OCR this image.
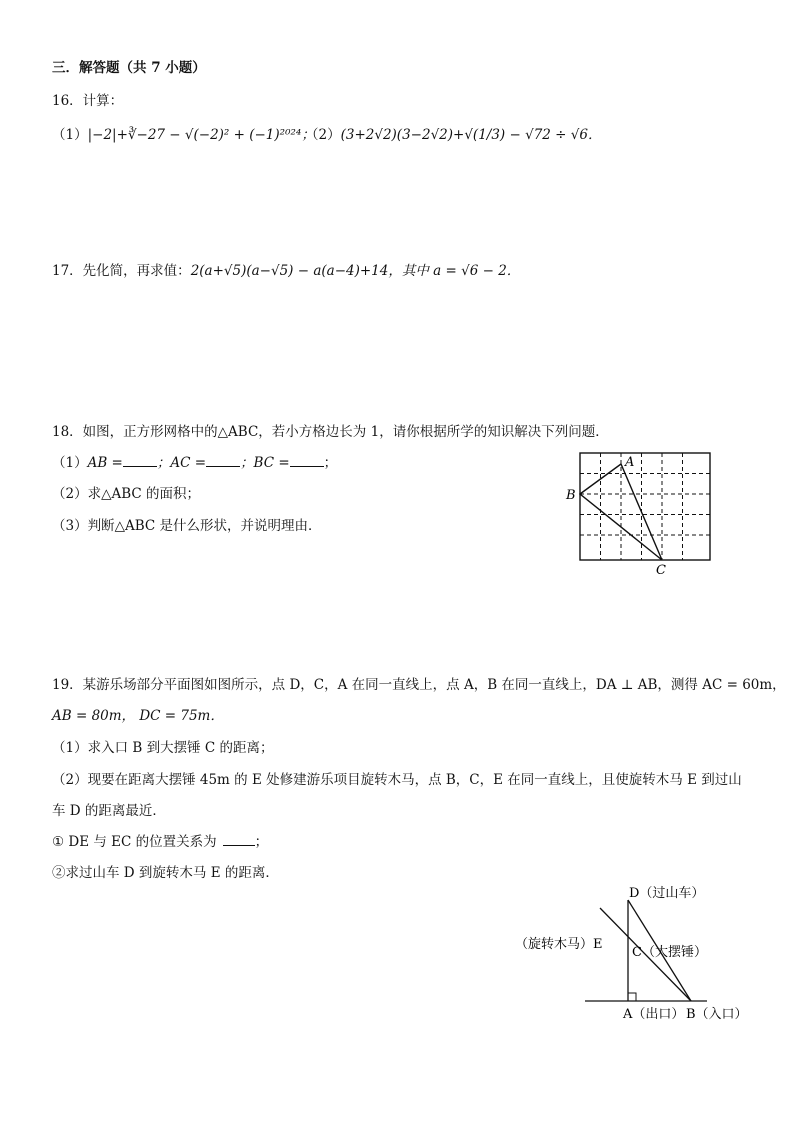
三．解答题（共 7 小题）
16．计算：
（1）|−2|+∛−27 − √(−2)² + (−1)²⁰²⁴；
（2）(3+2√2)(3−2√2)+√(1/3) − √72 ÷ √6．
17．先化简，再求值：2(a+√5)(a−√5) − a(a−4)+14，其中 a = √6 − 2．
18．如图，正方形网格中的△ABC，若小方格边长为 1，请你根据所学的知识解决下列问题．
（1）AB =	；AC =	；BC =	；
（2）求△ABC 的面积；
（3）判断△ABC 是什么形状，并说明理由．
A
B
C
19．某游乐场部分平面图如图所示，点 D，C，A 在同一直线上，点 A，B 在同一直线上，DA ⊥ AB，测得 AC = 60m，
AB = 80m， DC = 75m．
（1）求入口 B 到大摆锤 C 的距离；
（2）现要在距离大摆锤 45m 的 E 处修建游乐项目旋转木马，点 B，C，E 在同一直线上，且使旋转木马 E 到过山
车 D 的距离最近．
① DE 与 EC 的位置关系为	；
②求过山车 D 到旋转木马 E 的距离．
D（过山车）
（旋转木马）E
C（大摆锤）
A（出口） B（入口）
